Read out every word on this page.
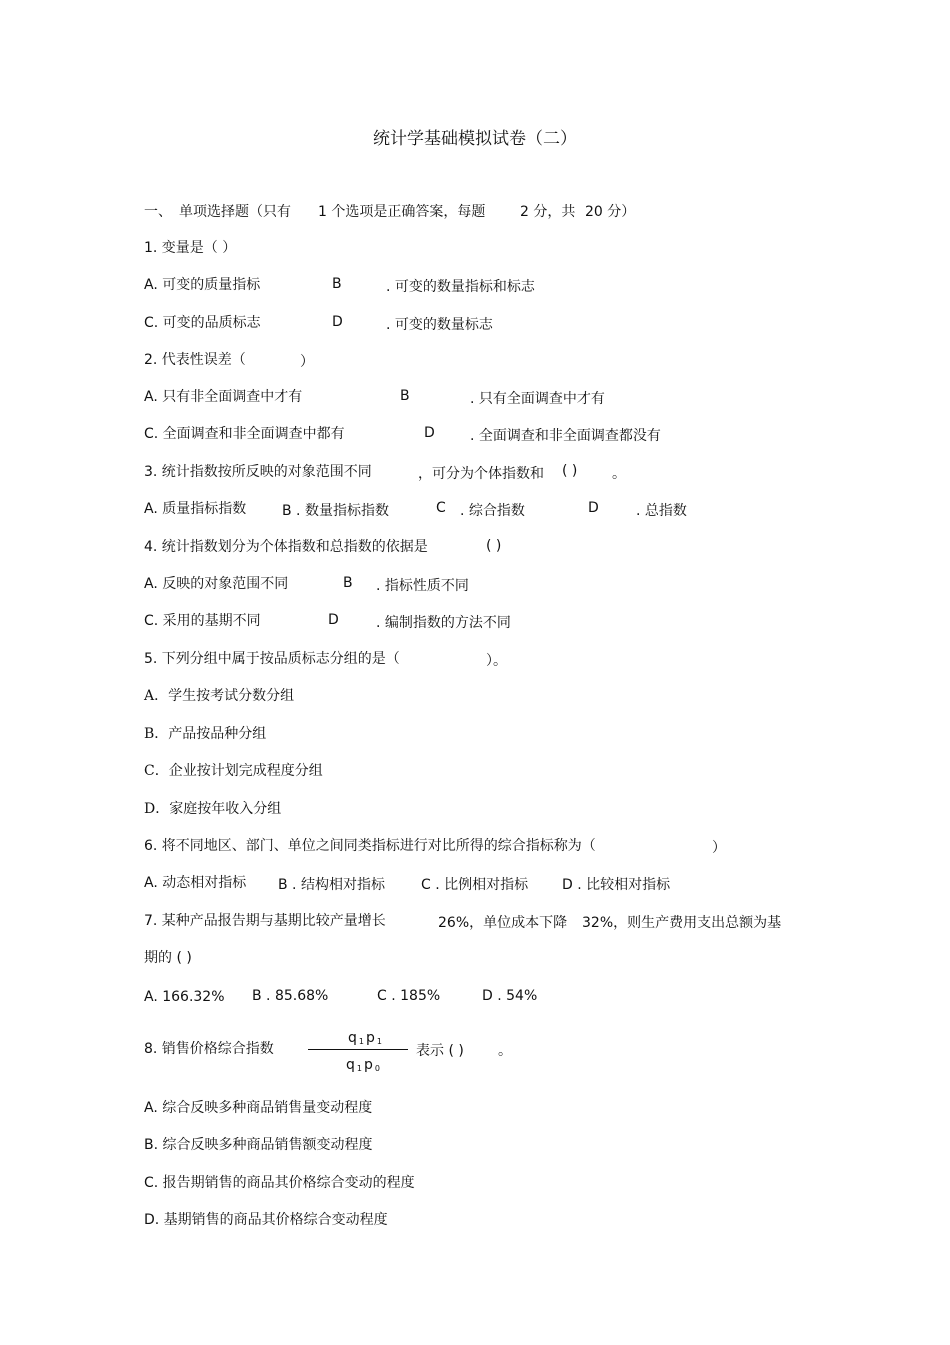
统计学基础模拟试卷（二）
一、 单项选择题（只有 1 个选项是正确答案，每题 2 分，共 20 分）
1. 变量是（ ）
A. 可变的质量指标	B	. 可变的数量指标和标志
C. 可变的品质标志	D	. 可变的数量标志
2. 代表性误差（	）
A. 只有非全面调查中才有	B	. 只有全面调查中才有
C. 全面调查和非全面调查中都有	D	. 全面调查和非全面调查都没有
3. 统计指数按所反映的对象范围不同	，可分为个体指数和 ( ) 。
A. 质量指标指数	B . 数量指标指数	C . 综合指数	D	. 总指数
4. 统计指数划分为个体指数和总指数的依据是	( )
A. 反映的对象范围不同	B . 指标性质不同
C. 采用的基期不同	D	. 编制指数的方法不同
5. 下列分组中属于按品质标志分组的是（	）。
A．学生按考试分数分组
B．产品按品种分组
C．企业按计划完成程度分组
D．家庭按年收入分组
6. 将不同地区、部门、单位之间同类指标进行对比所得的综合指标称为（	）
A. 动态相对指标 B . 结构相对指标	C . 比例相对指标 D . 比较相对指标
7. 某种产品报告期与基期比较产量增长	26%，单位成本下降 32%，则生产费用支出总额为基
期的 ( )
A. 166.32% B . 85.68%	C . 185%	D . 54%
8. 销售价格综合指数
q $_1$ p $_1$
q $_1$ p $_0$
表示 ( ) 。
A. 综合反映多种商品销售量变动程度
B. 综合反映多种商品销售额变动程度
C. 报告期销售的商品其价格综合变动的程度
D. 基期销售的商品其价格综合变动程度
